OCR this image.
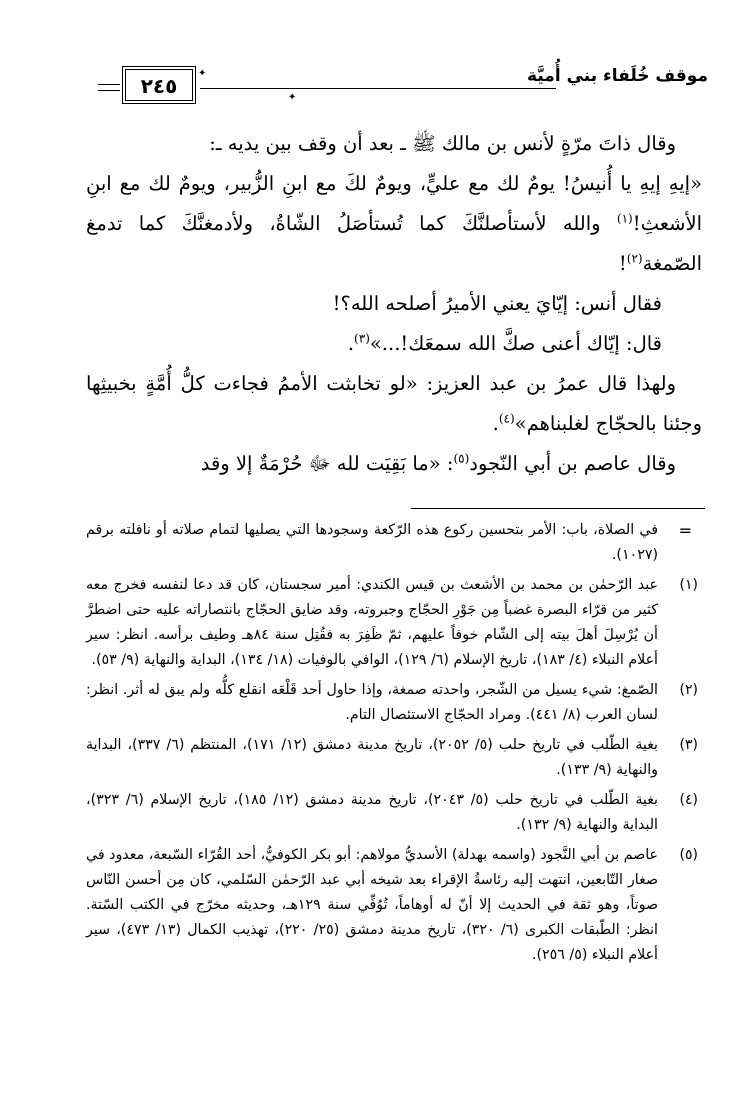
موقف خُلَفاء بني أُميَّة
٢٤٥
✦
✦

وقال ذاتَ مرّةٍ لأنس بن مالك ﷺ ـ بعد أن وقف بين يديه ـ:

«إيهِ إيهِ يا أُنيسُ! يومٌ لك مع عليٍّ، ويومٌ لكَ مع ابنِ الزُّبير، ويومٌ لك مع ابنِ الأشعثِ!$^{(١)}$ والله لأستأصلنَّكَ كما تُستأصَلُ الشّاةُ، ولأدمغنَّكَ كما تدمغ الصّمغة$^{(٢)}$!

فقال أنس: إيّايَ يعني الأميرُ أصلحه الله؟!

قال: إيّاك أعنى صكَّ الله سمعَك!...»$^{(٣)}$.

ولهذا قال عمرُ بن عبد العزيز: «لو تخابثت الأممُ فجاءت كلُّ أُمَّةٍ بخبيثِها وجئنا بالحجّاج لغلبناهم»$^{(٤)}$.

وقال عاصم بن أبي النّجود$^{(٥)}$: «ما بَقِيَت لله ﷻ حُرْمَةٌ إلا وقد

=
في الصلاة، باب: الأمر بتحسين ركوع هذه الرّكعة وسجودها التي يصليها لتمام صلاته أو نافلته برقم (١٠٢٧).
(١)
عبد الرّحمٰن بن محمد بن الأشعث بن قيس الكندي: أمير سجستان، كان قد دعا لنفسه فخرج معه كثير من قرّاء البصرة غضباً مِن جَوْرِ الحجّاج وجبروته، وقد ضايق الحجّاج بانتصاراته عليه حتى اضطرَّ أن يُرْسِلَ أهلَ بيته إلى الشّام خوفاً عليهم، ثمّ ظَفِرَ به فقُتِل سنة ٨٤هـ وطيف برأسه. انظر: سير أعلام النبلاء (٤/ ١٨٣)، تاريخ الإسلام (٦/ ١٢٩)، الوافي بالوفيات (١٨/ ١٣٤)، البداية والنهاية (٩/ ٥٣).
(٢)
الصّمغ: شيء يسيل من الشّجر، واحدته صمغة، وإذا حاول أحد قَلْعَه انقلع كلُّه ولم يبق له أثر. انظر: لسان العرب (٨/ ٤٤١). ومراد الحجّاج الاستئصال التام.
(٣)
بغية الطّلب في تاريخ حلب (٥/ ٢٠٥٢)، تاريخ مدينة دمشق (١٢/ ١٧١)، المنتظم (٦/ ٣٣٧)، البداية والنهاية (٩/ ١٣٣).
(٤)
بغية الطّلب في تاريخ حلب (٥/ ٢٠٤٣)، تاريخ مدينة دمشق (١٢/ ١٨٥)، تاريخ الإسلام (٦/ ٣٢٣)، البداية والنهاية (٩/ ١٣٢).
(٥)
عاصم بن أبي النَّجود (واسمه بهدلة) الأسديُّ مولاهم: أبو بكر الكوفيُّ، أحد القُرّاء السّبعة، معدود في صغار التّابعين، انتهت إليه رئاسةُ الإقراء بعد شيخه أبي عبد الرّحمٰن السّلمي، كان مِن أحسن النّاس صوتاً، وهو ثقة في الحديث إلا أنّ له أوهاماً، تُوُفِّي سنة ١٢٩هـ، وحديثه مخرّج في الكتب السّتة. انظر: الطّبقات الكبرى (٦/ ٣٢٠)، تاريخ مدينة دمشق (٢٥/ ٢٢٠)، تهذيب الكمال (١٣/ ٤٧٣)، سير أعلام النبلاء (٥/ ٢٥٦).
